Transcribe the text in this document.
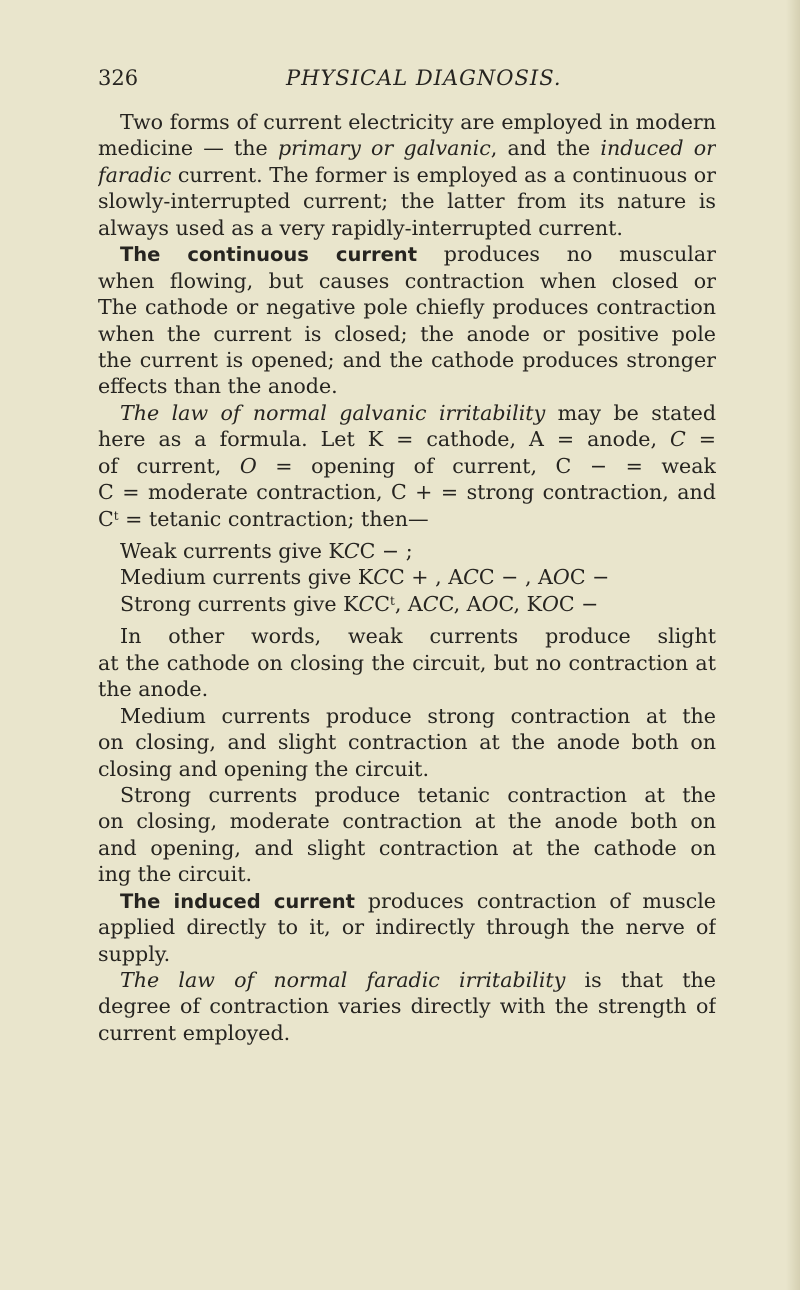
326	PHYSICAL DIAGNOSIS.
Two forms of current electricity are employed in modern
medicine — the primary or galvanic, and the induced or
faradic current. The former is employed as a continuous or
slowly-interrupted current; the latter from its nature is
always used as a very rapidly-interrupted current.
The continuous current produces no muscular
when flowing, but causes contraction when closed or
The cathode or negative pole chiefly produces contraction
when the current is closed; the anode or positive pole
the current is opened; and the cathode produces stronger
effects than the anode.
The law of normal galvanic irritability may be stated
here as a formula. Let K = cathode, A = anode, C =
of current, O = opening of current, C − = weak
C = moderate contraction, C + = strong contraction, and
$C^t$ = tetanic contraction; then—
Weak currents give KCC − ;
Medium currents give KCC + , ACC − , AOC −
Strong currents give KCC$^t$, ACC, AOC, KOC −
In other words, weak currents produce slight
at the cathode on closing the circuit, but no contraction at
the anode.
Medium currents produce strong contraction at the
on closing, and slight contraction at the anode both on
closing and opening the circuit.
Strong currents produce tetanic contraction at the
on closing, moderate contraction at the anode both on
and opening, and slight contraction at the cathode on
ing the circuit.
The induced current produces contraction of muscle
applied directly to it, or indirectly through the nerve of
supply.
The law of normal faradic irritability is that the
degree of contraction varies directly with the strength of
current employed.
